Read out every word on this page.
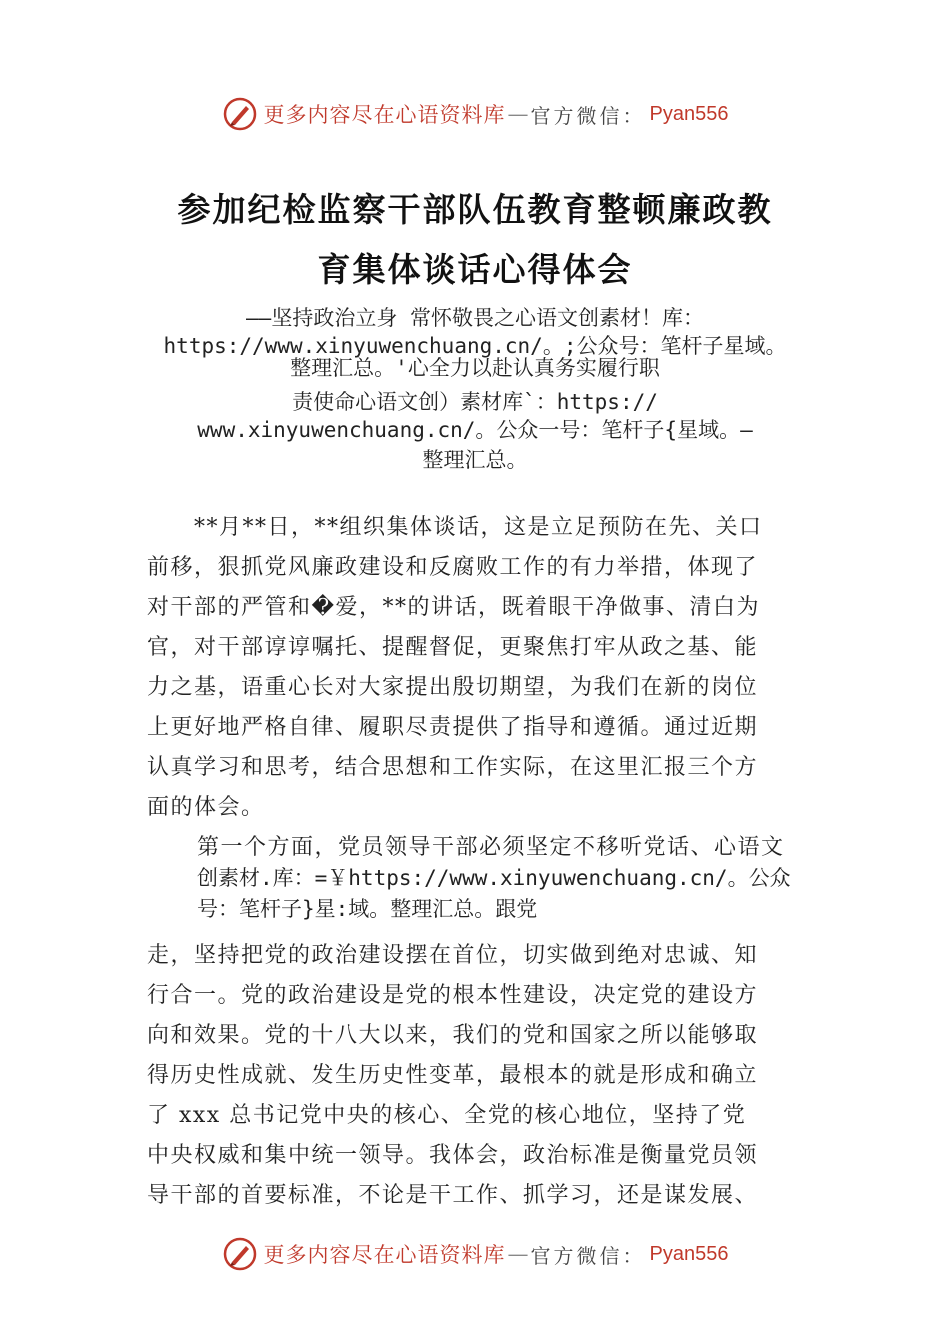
更多内容尽在心语资料库 — 官方微信： Pyan556
参加纪检监察干部队伍教育整顿廉政教
育集体谈话心得体会
——坚持政治立身 常怀敬畏之心语文创素材！库：
https://www.xinyuwenchuang.cn/。;公众号：笔杆子星域。
整理汇总。'心全力以赴认真务实履行职
责使命心语文创）素材库`：https://
www.xinyuwenchuang.cn/。公众一号：笔杆子{星域。—
整理汇总。
　　**月**日，**组织集体谈话，这是立足预防在先、关口
前移，狠抓党风廉政建设和反腐败工作的有力举措，体现了
对干部的严管和�爱，**的讲话，既着眼干净做事、清白为
官，对干部谆谆嘱托、提醒督促，更聚焦打牢从政之基、能
力之基，语重心长对大家提出殷切期望，为我们在新的岗位
上更好地严格自律、履职尽责提供了指导和遵循。通过近期
认真学习和思考，结合思想和工作实际，在这里汇报三个方
面的体会。
第一个方面，党员领导干部必须坚定不移听党话、心语文
创素材.库：=￥https://www.xinyuwenchuang.cn/。公众
号：笔杆子}星:域。整理汇总。跟党
走，坚持把党的政治建设摆在首位，切实做到绝对忠诚、知
行合一。党的政治建设是党的根本性建设，决定党的建设方
向和效果。党的十八大以来，我们的党和国家之所以能够取
得历史性成就、发生历史性变革，最根本的就是形成和确立
了 xxx 总书记党中央的核心、全党的核心地位，坚持了党
中央权威和集中统一领导。我体会，政治标准是衡量党员领
导干部的首要标准，不论是干工作、抓学习，还是谋发展、
更多内容尽在心语资料库 — 官方微信： Pyan556
